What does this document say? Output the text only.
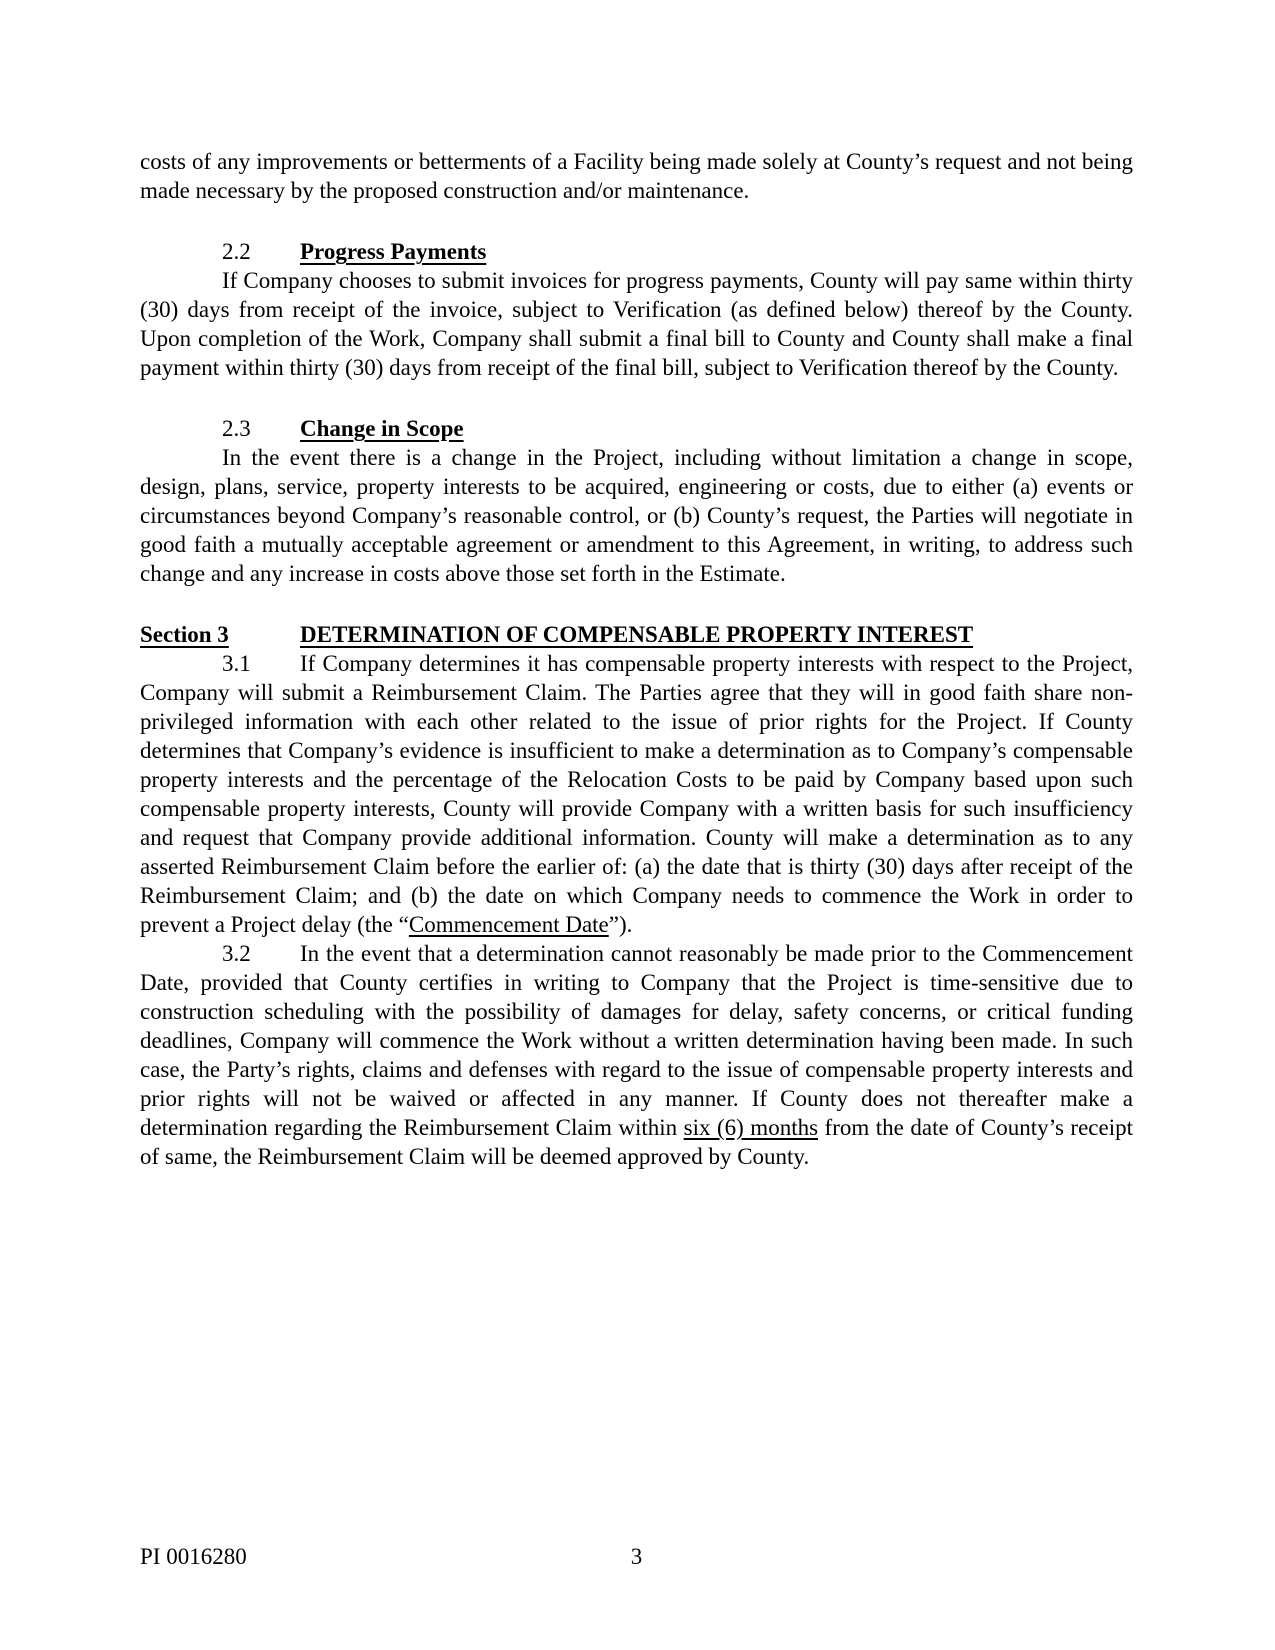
costs of any improvements or betterments of a Facility being made solely at County’s request and not being made necessary by the proposed construction and/or maintenance.

2.2 Progress Payments

If Company chooses to submit invoices for progress payments, County will pay same within thirty (30) days from receipt of the invoice, subject to Verification (as defined below) thereof by the County. Upon completion of the Work, Company shall submit a final bill to County and County shall make a final payment within thirty (30) days from receipt of the final bill, subject to Verification thereof by the County.

2.3 Change in Scope

In the event there is a change in the Project, including without limitation a change in scope, design, plans, service, property interests to be acquired, engineering or costs, due to either (a) events or circumstances beyond Company’s reasonable control, or (b) County’s request, the Parties will negotiate in good faith a mutually acceptable agreement or amendment to this Agreement, in writing, to address such change and any increase in costs above those set forth in the Estimate.

Section 3	DETERMINATION OF COMPENSABLE PROPERTY INTEREST

3.1 If Company determines it has compensable property interests with respect to the Project, Company will submit a Reimbursement Claim. The Parties agree that they will in good faith share non-privileged information with each other related to the issue of prior rights for the Project. If County determines that Company’s evidence is insufficient to make a determination as to Company’s compensable property interests and the percentage of the Relocation Costs to be paid by Company based upon such compensable property interests, County will provide Company with a written basis for such insufficiency and request that Company provide additional information. County will make a determination as to any asserted Reimbursement Claim before the earlier of: (a) the date that is thirty (30) days after receipt of the Reimbursement Claim; and (b) the date on which Company needs to commence the Work in order to prevent a Project delay (the “Commencement Date”).

3.2 In the event that a determination cannot reasonably be made prior to the Commencement Date, provided that County certifies in writing to Company that the Project is time-sensitive due to construction scheduling with the possibility of damages for delay, safety concerns, or critical funding deadlines, Company will commence the Work without a written determination having been made. In such case, the Party’s rights, claims and defenses with regard to the issue of compensable property interests and prior rights will not be waived or affected in any manner. If County does not thereafter make a determination regarding the Reimbursement Claim within six (6) months from the date of County’s receipt of same, the Reimbursement Claim will be deemed approved by County.

PI 0016280	3
